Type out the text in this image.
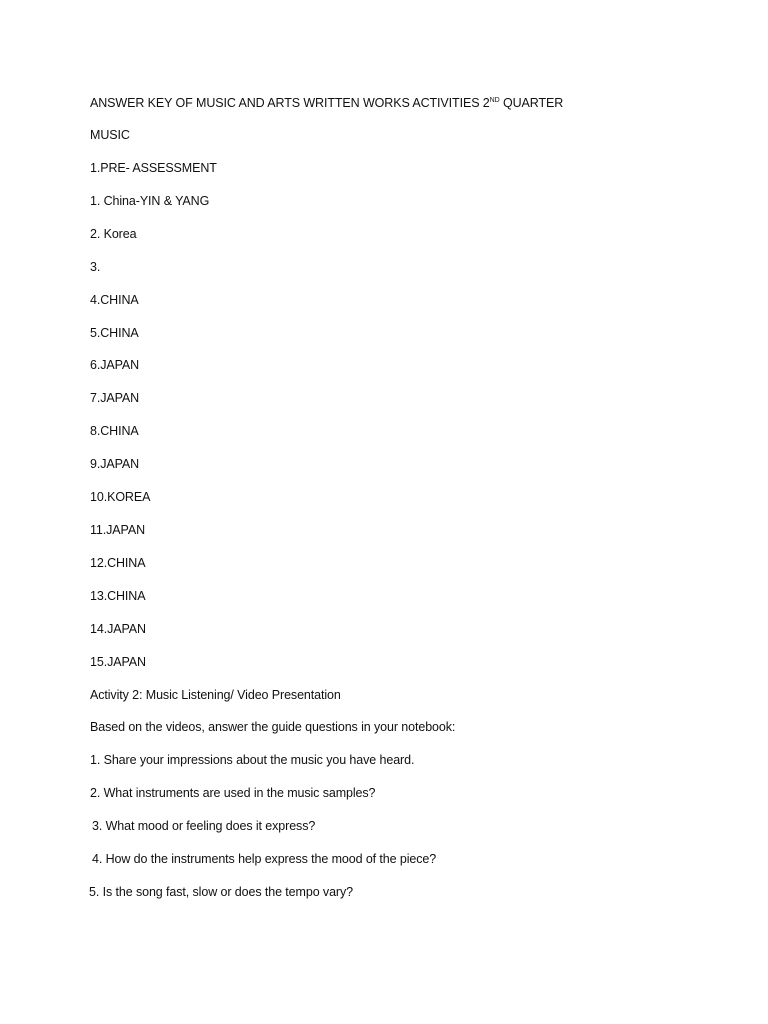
ANSWER KEY OF MUSIC AND ARTS WRITTEN WORKS ACTIVITIES 2ND QUARTER

MUSIC

1.PRE- ASSESSMENT

1. China-YIN & YANG

2. Korea

3.

4.CHINA

5.CHINA

6.JAPAN

7.JAPAN

8.CHINA

9.JAPAN

10.KOREA

11.JAPAN

12.CHINA

13.CHINA

14.JAPAN

15.JAPAN

Activity 2: Music Listening/ Video Presentation

Based on the videos, answer the guide questions in your notebook:

1. Share your impressions about the music you have heard.

2. What instruments are used in the music samples?

3. What mood or feeling does it express?

4. How do the instruments help express the mood of the piece?

5. Is the song fast, slow or does the tempo vary?
